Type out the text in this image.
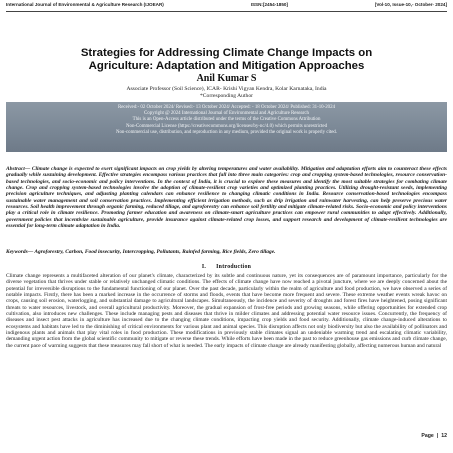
International Journal of Environmental & Agriculture Research (IJOEAR)	ISSN:[2454-1850]	[Vol-10, Issue-10,- October- 2024]
Strategies for Addressing Climate Change Impacts on
Agriculture: Adaptation and Mitigation Approaches
Anil Kumar S
Associate Professor (Soil Science), ICAR- Krishi Vigyan Kendra, Kolar Karnataka, India
*Corresponding Author
Received:- 02 October 2024/ Revised:- 13 October 2024/ Accepted: - 18 October 2024/ Published: 31-10-2024
Copyright @ 2024 International Journal of Environmental and Agriculture Research
This is an Open-Access article distributed under the terms of the Creative Commons Attribution
Non-Commercial License (https://creativecommons.org/licenses/by-nc/4.0) which permits unrestricted
Non-commercial use, distribution, and reproduction in any medium, provided the original work is properly cited.
Abstract— Climate change is expected to exert significant impacts on crop yields by altering temperatures and water availability. Mitigation and adaptation efforts aim to counteract these effects gradually while sustaining development. Effective strategies encompass various practices that fall into three main categories: crop and cropping system-based technologies, resource conservation-based technologies, and socio-economic and policy interventions. In the context of India, it is crucial to explore these measures and identify the most suitable strategies for combating climate change. Crop and cropping system-based technologies involve the adoption of climate-resilient crop varieties and optimized planting practices. Utilizing drought-resistant seeds, implementing precision agriculture techniques, and adjusting planting calendars can enhance resilience to changing climatic conditions in India. Resource conservation-based technologies encompass sustainable water management and soil conservation practices. Implementing efficient irrigation methods, such as drip irrigation and rainwater harvesting, can help preserve precious water resources. Soil health improvement through organic farming, reduced tillage, and agroforestry can enhance soil fertility and mitigate climate-related risks. Socio-economic and policy interventions play a critical role in climate resilience. Promoting farmer education and awareness on climate-smart agriculture practices can empower rural communities to adapt effectively. Additionally, government policies that incentivize sustainable agriculture, provide insurance against climate-related crop losses, and support research and development of climate-resilient technologies are essential for long-term climate adaptation in India.
Keywords— Agroforestry, Carbon, Food insecurity, Intercropping, Pollutants, Rainfed farming, Rice fields, Zero tillage.
I. Introduction
Climate change represents a multifaceted alteration of our planet's climate, characterized by its subtle and continuous nature, yet its consequences are of paramount importance, particularly for the diverse vegetation that thrives under stable or relatively unchanged climatic conditions. The effects of climate change have now reached a pivotal juncture, where we are deeply concerned about the potential for irreversible disruptions to the fundamental functioning of our planet. Over the past decade, particularly within the realm of agriculture and food production, we have observed a series of notable impacts. Firstly, there has been a marked increase in the occurrence of storms and floods, events that have become more frequent and severe. These extreme weather events wreak havoc on crops, causing soil erosion, waterlogging, and substantial damage to agricultural landscapes. Simultaneously, the incidence and severity of droughts and forest fires have heightened, posing significant threats to water resources, livestock, and overall agricultural productivity. Moreover, the gradual expansion of frost-free periods and growing seasons, while offering opportunities for extended crop cultivation, also introduces new challenges. These include managing pests and diseases that thrive in milder climates and addressing potential water resource issues. Concurrently, the frequency of diseases and insect pest attacks in agriculture has increased due to the changing climate conditions, impacting crop yields and food security. Additionally, climate change-induced alterations to ecosystems and habitats have led to the diminishing of critical environments for various plant and animal species. This disruption affects not only biodiversity but also the availability of pollinators and indigenous plants and animals that play vital roles in food production. These modifications in previously stable climates signal an undeniable warming trend and escalating climatic variability, demanding urgent action from the global scientific community to mitigate or reverse these trends. While efforts have been made in the past to reduce greenhouse gas emissions and curb climate change, the current pace of warming suggests that these measures may fall short of what is needed. The early impacts of climate change are already manifesting globally, affecting numerous human and natural
Page | 12
